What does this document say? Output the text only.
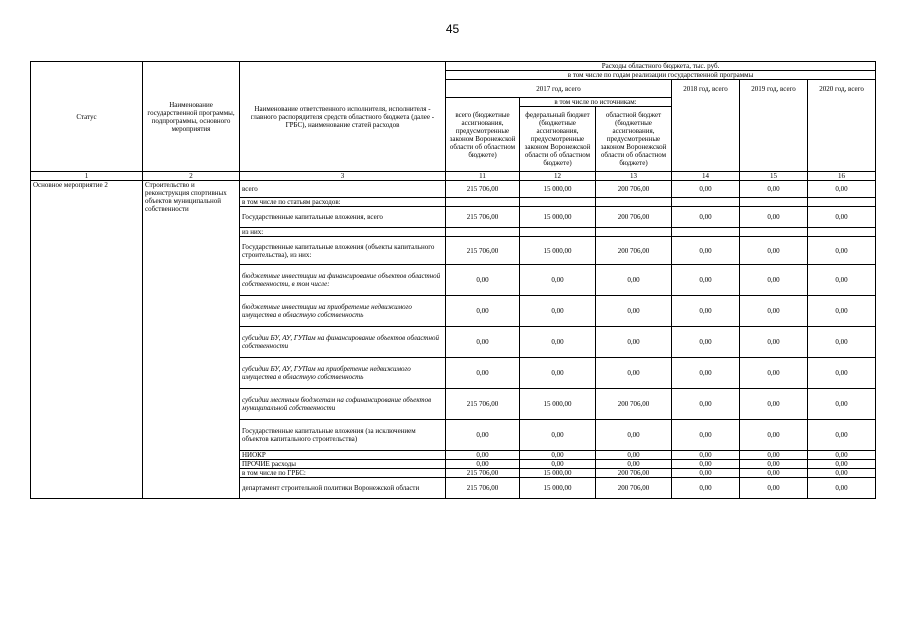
45
Статус	Наименование государственной программы, подпрограммы, основного мероприятия	Наименование ответственного исполнителя, исполнителя - главного распорядителя средств областного бюджета (далее - ГРБС), наименование статей расходов	Расходы областного бюджета, тыс. руб.					
			в том числе по годам реализации государственной программы					
			2017 год, всего			2018 год, всего	2019 год, всего	2020 год, всего
			всего (бюджетные ассигнования, предусмотренные законом Воронежской области об областном бюджете)	в том числе по источникам:				
				федеральный бюджет (бюджетные ассигнования, предусмотренные законом Воронежской области об областном бюджете)	областной бюджет (бюджетные ассигнования, предусмотренные законом Воронежской области об областном бюджете)			
1	2	3	11	12	13	14	15	16
Основное мероприятие 2	Строительство и реконструкция спортивных объектов муниципальной собственности	всего	215 706,00	15 000,00	200 706,00	0,00	0,00	0,00
		в том числе по статьям расходов:						
		Государственные капитальные вложения, всего	215 706,00	15 000,00	200 706,00	0,00	0,00	0,00
		из них:						
		Государственные капитальные вложения (объекты капитального строительства), из них:	215 706,00	15 000,00	200 706,00	0,00	0,00	0,00
		бюджетные инвестиции на финансирование объектов областной собственности, в том числе:	0,00	0,00	0,00	0,00	0,00	0,00
		бюджетные инвестиции на приобретение недвижимого имущества в областную собственность	0,00	0,00	0,00	0,00	0,00	0,00
		субсидии БУ, АУ, ГУПам на финансирование объектов областной собственности	0,00	0,00	0,00	0,00	0,00	0,00
		субсидии БУ, АУ, ГУПам на приобретение недвижимого имущества в областную собственность	0,00	0,00	0,00	0,00	0,00	0,00
		субсидии местным бюджетам на софинансирование объектов муниципальной собственности	215 706,00	15 000,00	200 706,00	0,00	0,00	0,00
		Государственные капитальные вложения (за исключением объектов капитального строительства)	0,00	0,00	0,00	0,00	0,00	0,00
		НИОКР	0,00	0,00	0,00	0,00	0,00	0,00
		ПРОЧИЕ расходы	0,00	0,00	0,00	0,00	0,00	0,00
		в том числе по ГРБС:	215 706,00	15 000,00	200 706,00	0,00	0,00	0,00
		департамент строительной политики Воронежской области	215 706,00	15 000,00	200 706,00	0,00	0,00	0,00
